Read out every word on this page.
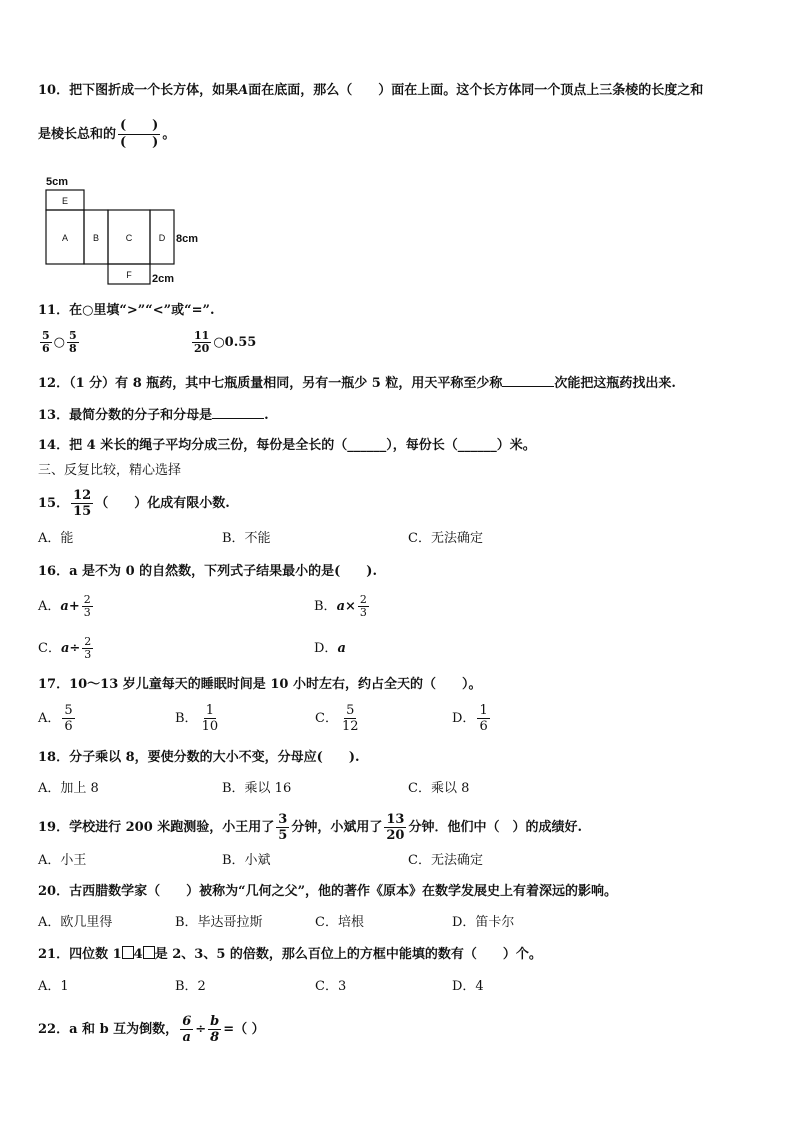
10．把下图折成一个长方体，如果A面在底面，那么（　　）面在上面。这个长方体同一个顶点上三条棱的长度之和
是棱长总和的 $\frac{( )}{( )}$ 。
E
A	B	C	D
F
5cm
8cm
2cm
11．在○里填“>”“<”或“=”.
$\frac{5}{6}$ ○ $\frac{5}{8}$	$\frac{11}{20}$ ○0.55
12．（1 分）有 8 瓶药，其中七瓶质量相同，另有一瓶少 5 粒，用天平称至少称	次能把这瓶药找出来.
13．最简分数的分子和分母是	.
14．把 4 米长的绳子平均分成三份，每份是全长的（______），每份长（______）米。
三、反复比较，精心选择
15． $\frac{12}{15}$ （　　）化成有限小数.
A．能	B．不能	C．无法确定
16．a 是不为 0 的自然数，下列式子结果最小的是(　　).
A．$a+ \frac{2}{3}$	B．$a\times \frac{2}{3}$
C．$a\div \frac{2}{3}$	D．a
17．10～13 岁儿童每天的睡眠时间是 10 小时左右，约占全天的（　　）。
A． $\frac{5}{6}$	B． $\frac{1}{10}$	C． $\frac{5}{12}$	D． $\frac{1}{6}$
18．分子乘以 8，要使分数的大小不变，分母应(　　).
A．加上 8	B．乘以 16	C．乘以 8
19．学校进行 200 米跑测验，小王用了 $\frac{3}{5}$ 分钟，小斌用了 $\frac{13}{20}$ 分钟．他们中（　）的成绩好.
A．小王	B．小斌	C．无法确定
20．古西腊数学家（　　）被称为“几何之父”，他的著作《原本》在数学发展史上有着深远的影响。
A．欧几里得	B．毕达哥拉斯	C．培根	D．笛卡尔
21．四位数 1 4 是 2、3、5 的倍数，那么百位上的方框中能填的数有（　　）个。
A．1	B．2	C．3	D．4
22．a 和 b 互为倒数， $\frac{6}{a} \div \frac{b}{8}$ =（ ）
